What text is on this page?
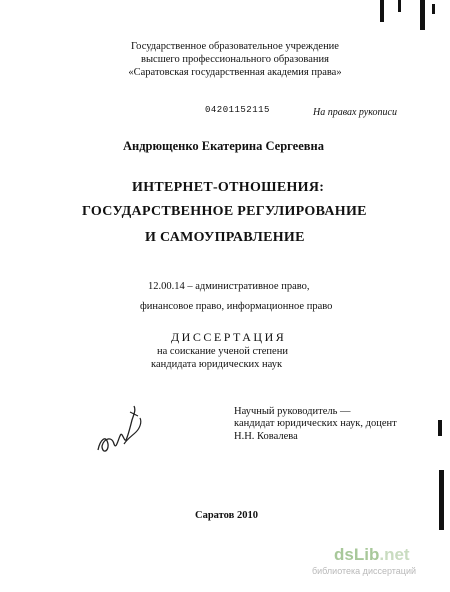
Государственное образовательное учреждение
высшего профессионального образования
«Саратовская государственная академия права»
04201152115	На правах рукописи
Андрющенко Екатерина Сергеевна
ИНТЕРНЕТ-ОТНОШЕНИЯ:
ГОСУДАРСТВЕННОЕ РЕГУЛИРОВАНИЕ
И САМОУПРАВЛЕНИЕ
12.00.14 – административное право,
финансовое право, информационное право
ДИССЕРТАЦИЯ
на соискание ученой степени
кандидата юридических наук
Научный руководитель —
кандидат юридических наук, доцент
Н.Н. Ковалева
Саратов 2010
dsLib.net
библиотека диссертаций
